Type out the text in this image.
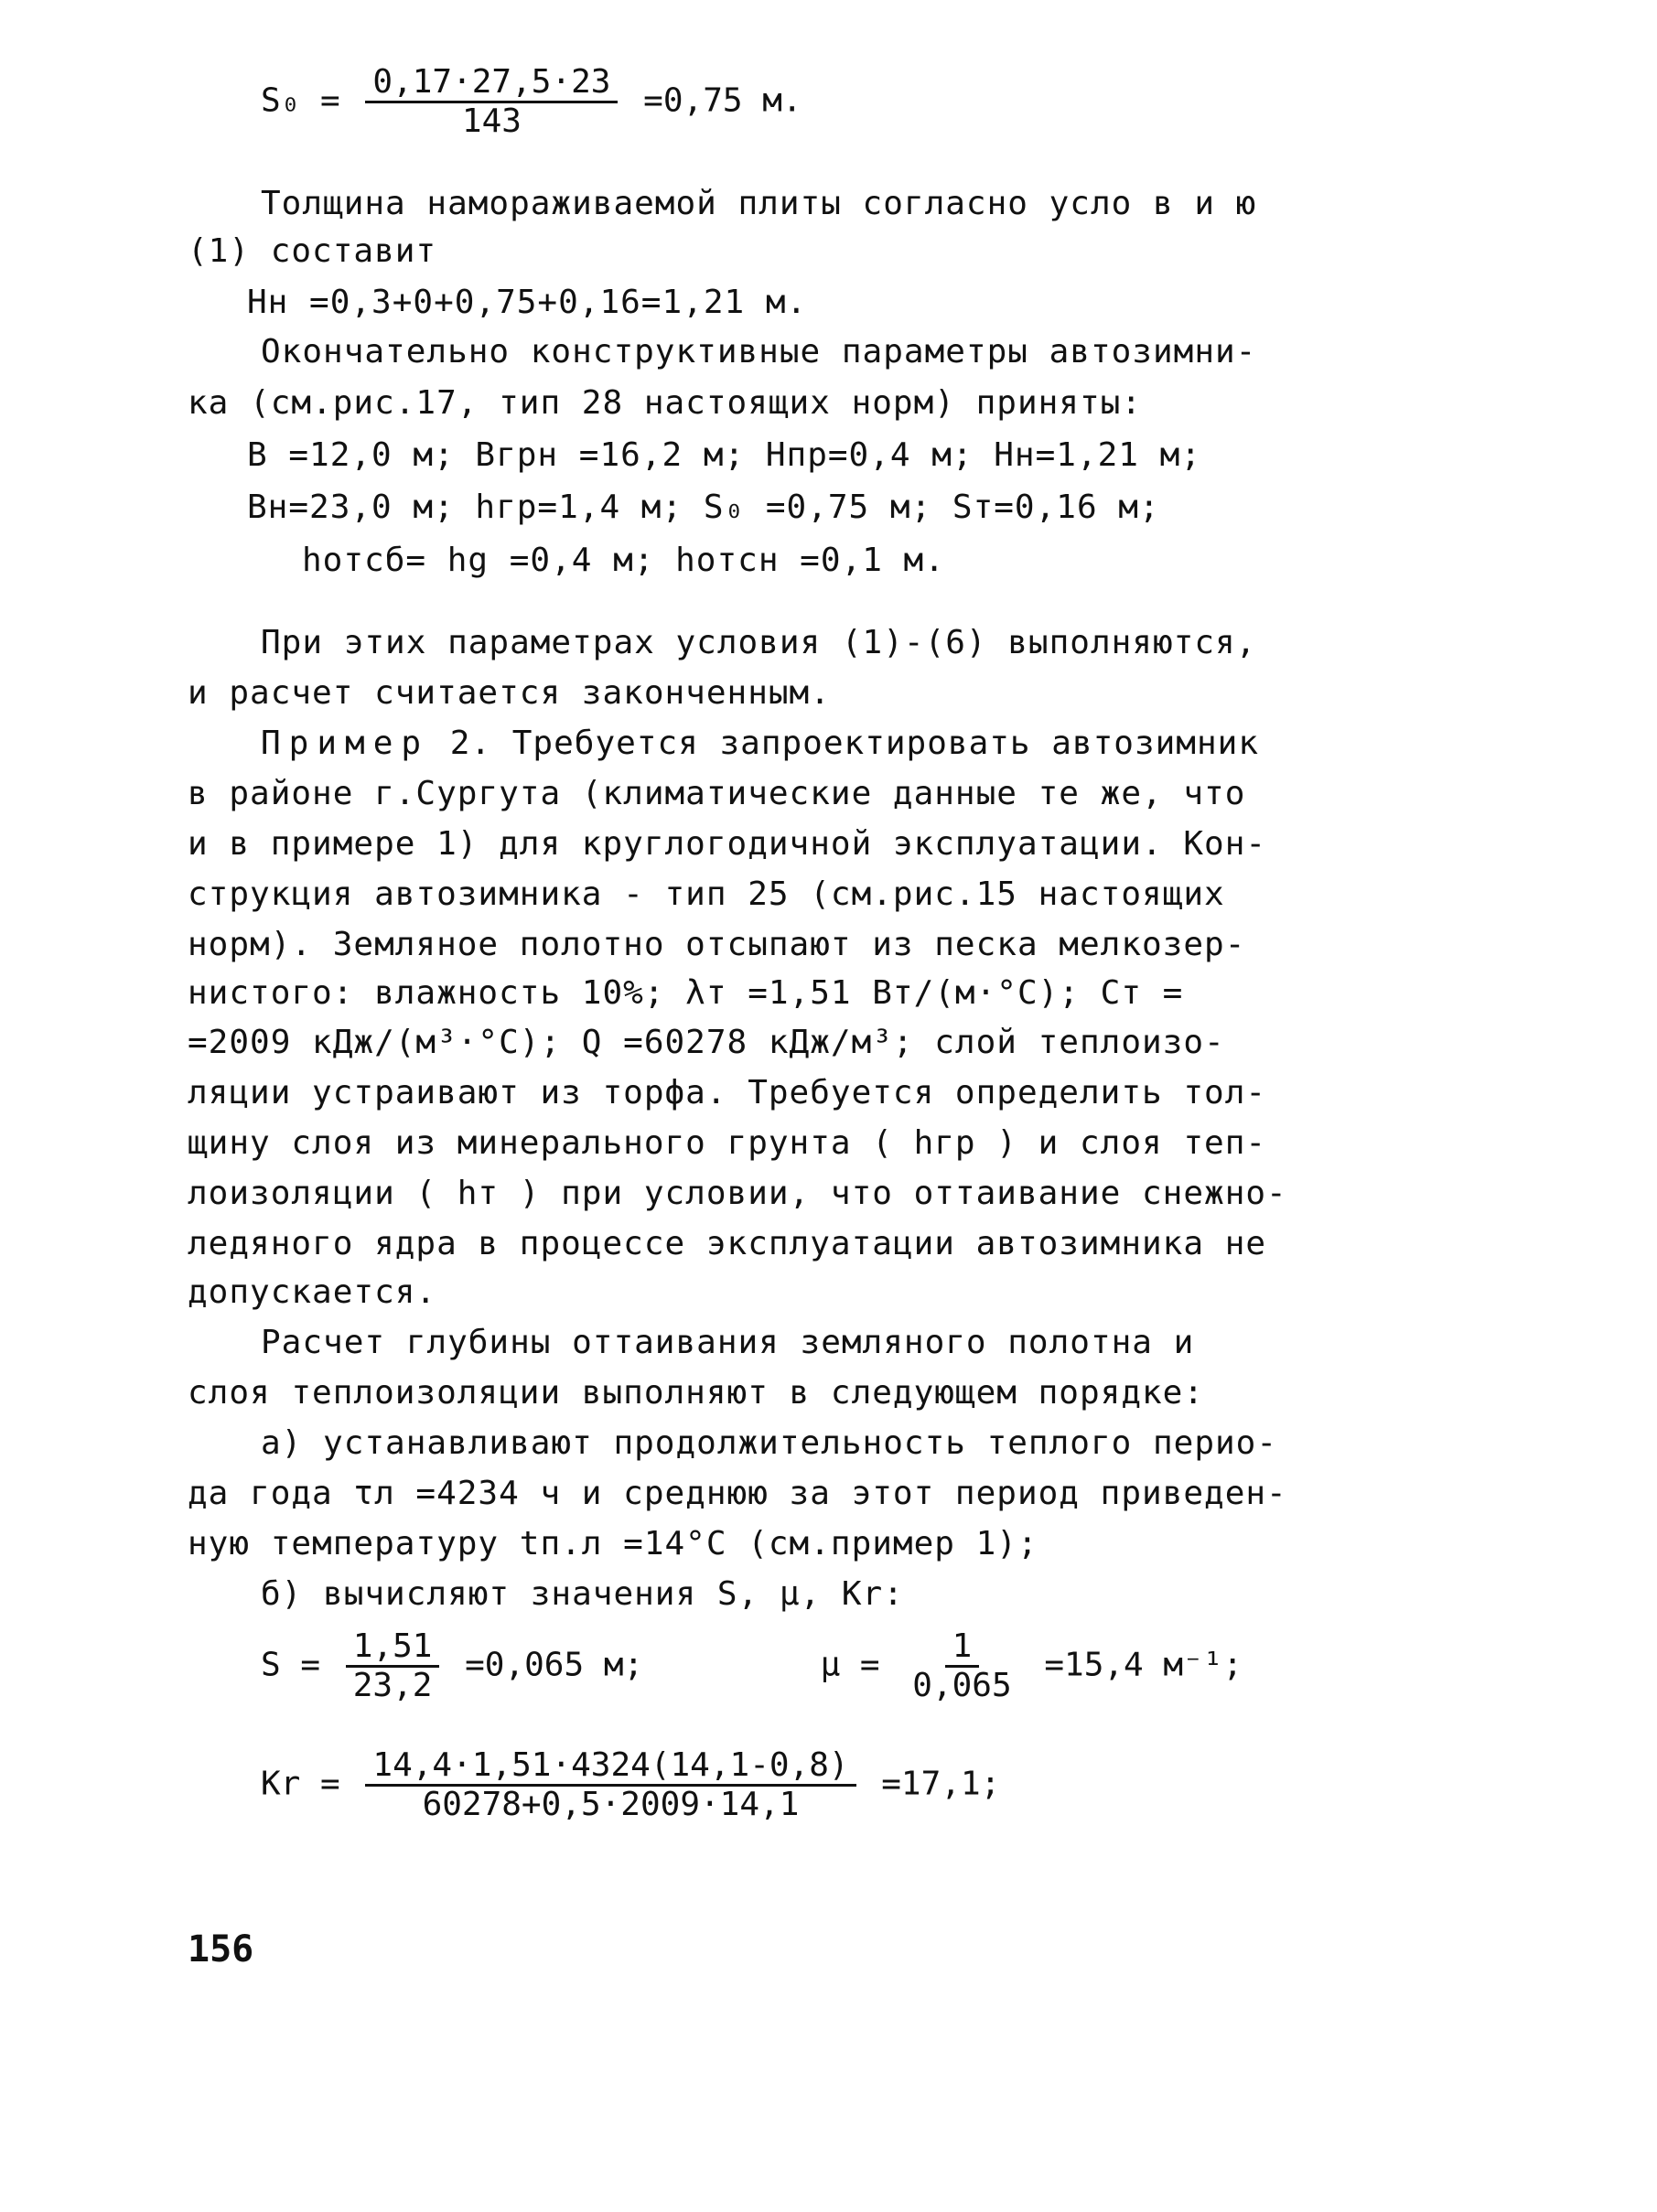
$S_0 = \frac{0,17\cdot 27,5\cdot 23}{143} =0,75$ м.
Толщина намораживаемой плиты согласно усло в и ю
(1) составит
Hн =0,3+0+0,75+0,16=1,21 м.
Окончательно конструктивные параметры автозимни-
ка (см.рис.17, тип 28 настоящих норм) приняты:
B =12,0 м; Bгрн =16,2 м; Hпр=0,4 м; Hн=1,21 м;
Bн=23,0 м; hгр=1,4 м; S₀ =0,75 м; Sт=0,16 м;
hотсб= hg =0,4 м; hотсн =0,1 м.
При этих параметрах условия (1)-(6) выполняются,
и расчет считается законченным.
Пример 2. Требуется запроектировать автозимник
в районе г.Сургута (климатические данные те же, что
и в примере 1) для круглогодичной эксплуатации. Кон-
струкция автозимника - тип 25 (см.рис.15 настоящих
норм). Земляное полотно отсыпают из песка мелкозер-
нистого: влажность 10%; λт =1,51 Вт/(м·°C); Cт =
=2009 кДж/(м³·°C); Q =60278 кДж/м³; слой теплоизо-
ляции устраивают из торфа. Требуется определить тол-
щину слоя из минерального грунта ( hгр ) и слоя теп-
лоизоляции ( hт ) при условии, что оттаивание снежно-
ледяного ядра в процессе эксплуатации автозимника не
допускается.
Расчет глубины оттаивания земляного полотна и
слоя теплоизоляции выполняют в следующем порядке:
а) устанавливают продолжительность теплого перио-
да года τл =4234 ч и среднюю за этот период приведен-
ную температуру tп.л =14°C (см.пример 1);
б) вычисляют значения S, μ, Kr:
$S = \frac{1,51}{23,2} =0,065$ м;	$\mu = \frac{1}{0,065} =15,4$ м⁻¹;
$Kr = \frac{14,4\cdot 1,51\cdot 4324(14,1-0,8)}{60278+0,5\cdot 2009\cdot 14,1} =17,1$;
156
